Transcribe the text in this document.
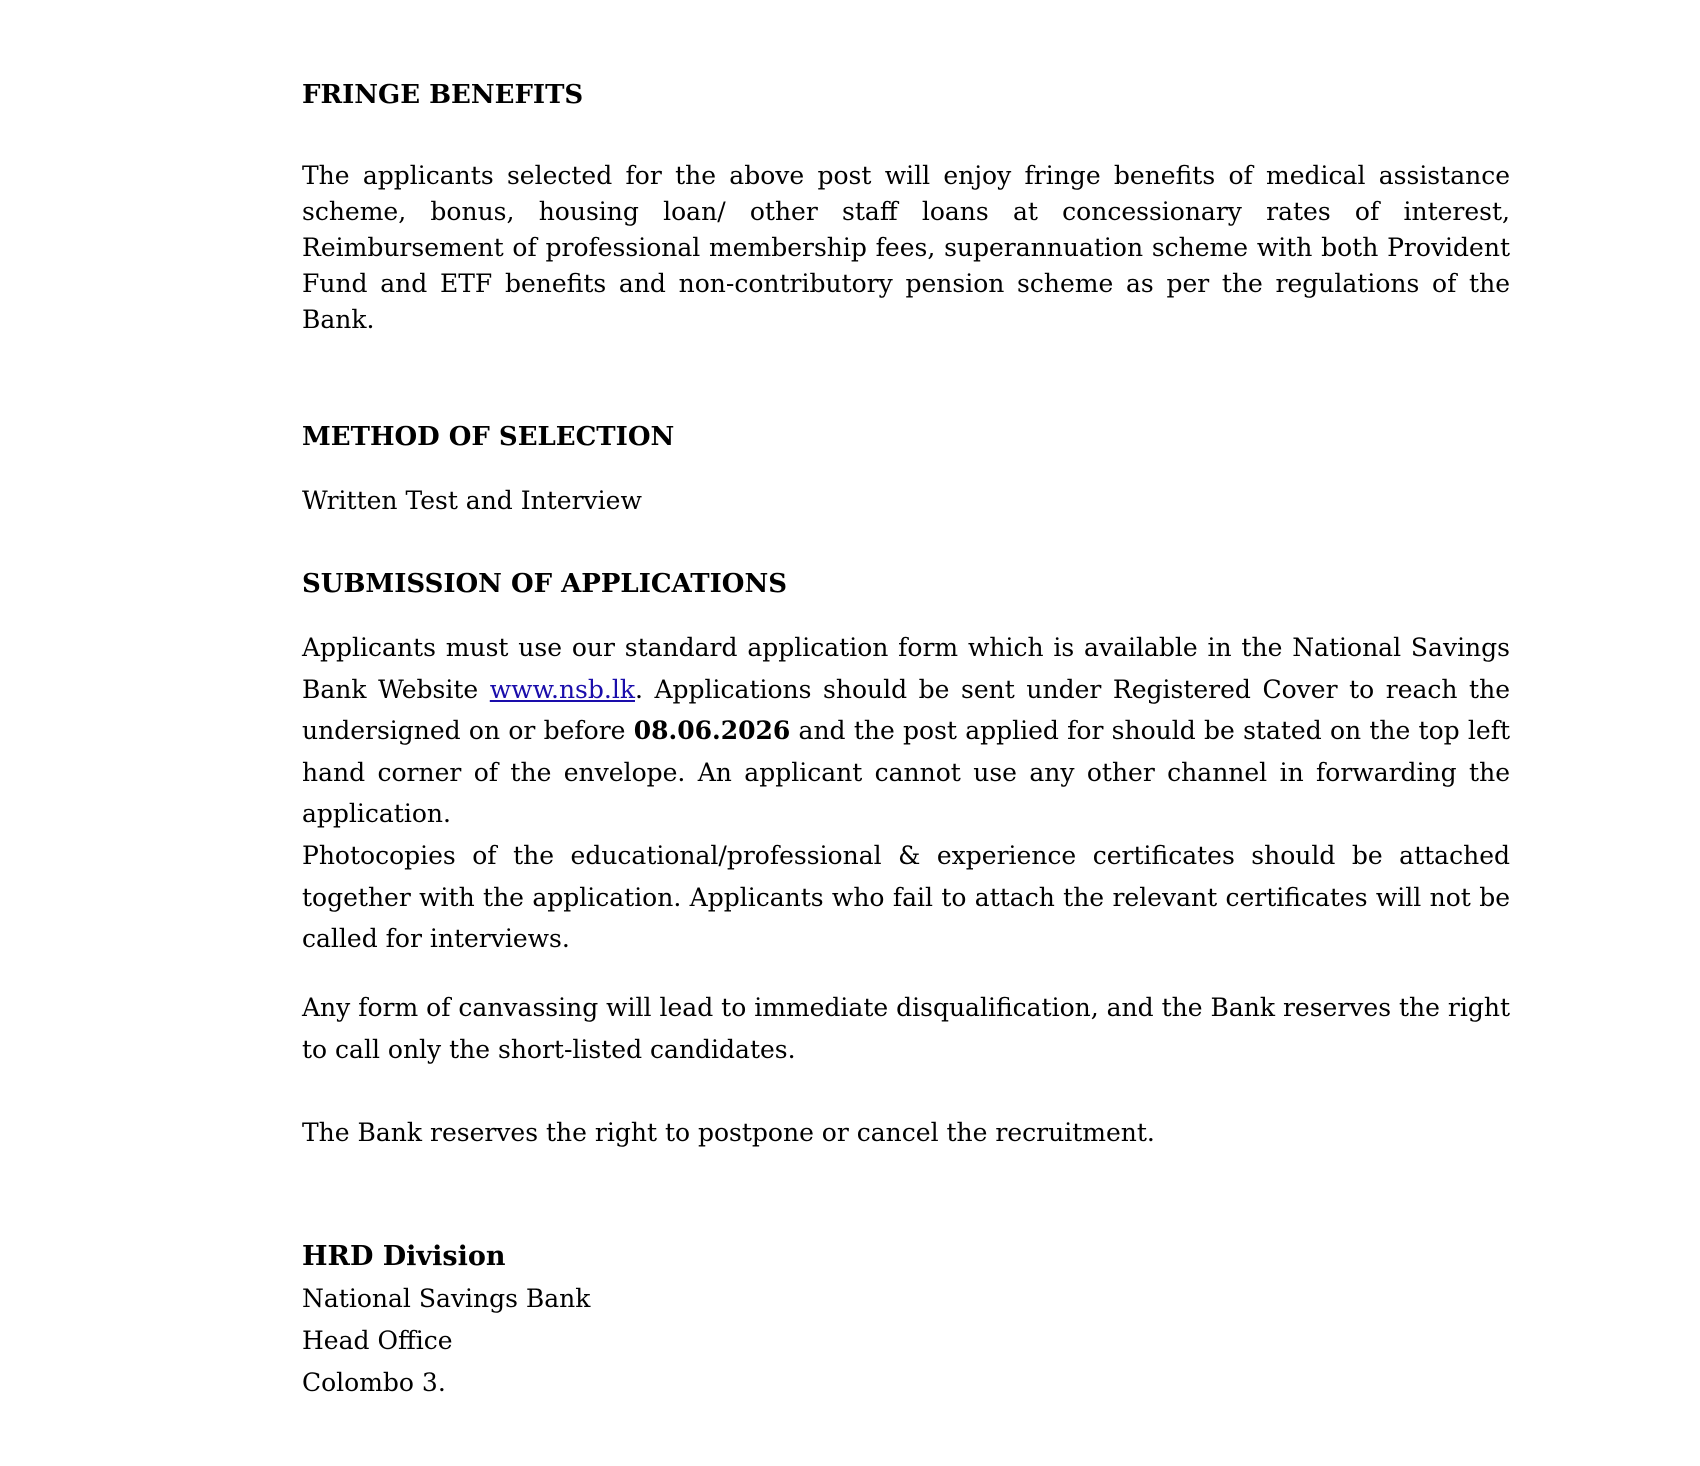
FRINGE BENEFITS

The applicants selected for the above post will enjoy fringe benefits of medical assistance scheme, bonus, housing loan/ other staff loans at concessionary rates of interest, Reimbursement of professional membership fees, superannuation scheme with both Provident Fund and ETF benefits and non-contributory pension scheme as per the regulations of the Bank.

METHOD OF SELECTION

Written Test and Interview

SUBMISSION OF APPLICATIONS

Applicants must use our standard application form which is available in the National Savings Bank Website www.nsb.lk. Applications should be sent under Registered Cover to reach the undersigned on or before 08.06.2026 and the post applied for should be stated on the top left hand corner of the envelope. An applicant cannot use any other channel in forwarding the application.

Photocopies of the educational/professional & experience certificates should be attached together with the application. Applicants who fail to attach the relevant certificates will not be called for interviews.

Any form of canvassing will lead to immediate disqualification, and the Bank reserves the right to call only the short-listed candidates.

The Bank reserves the right to postpone or cancel the recruitment.

HRD Division
National Savings Bank
Head Office
Colombo 3.
